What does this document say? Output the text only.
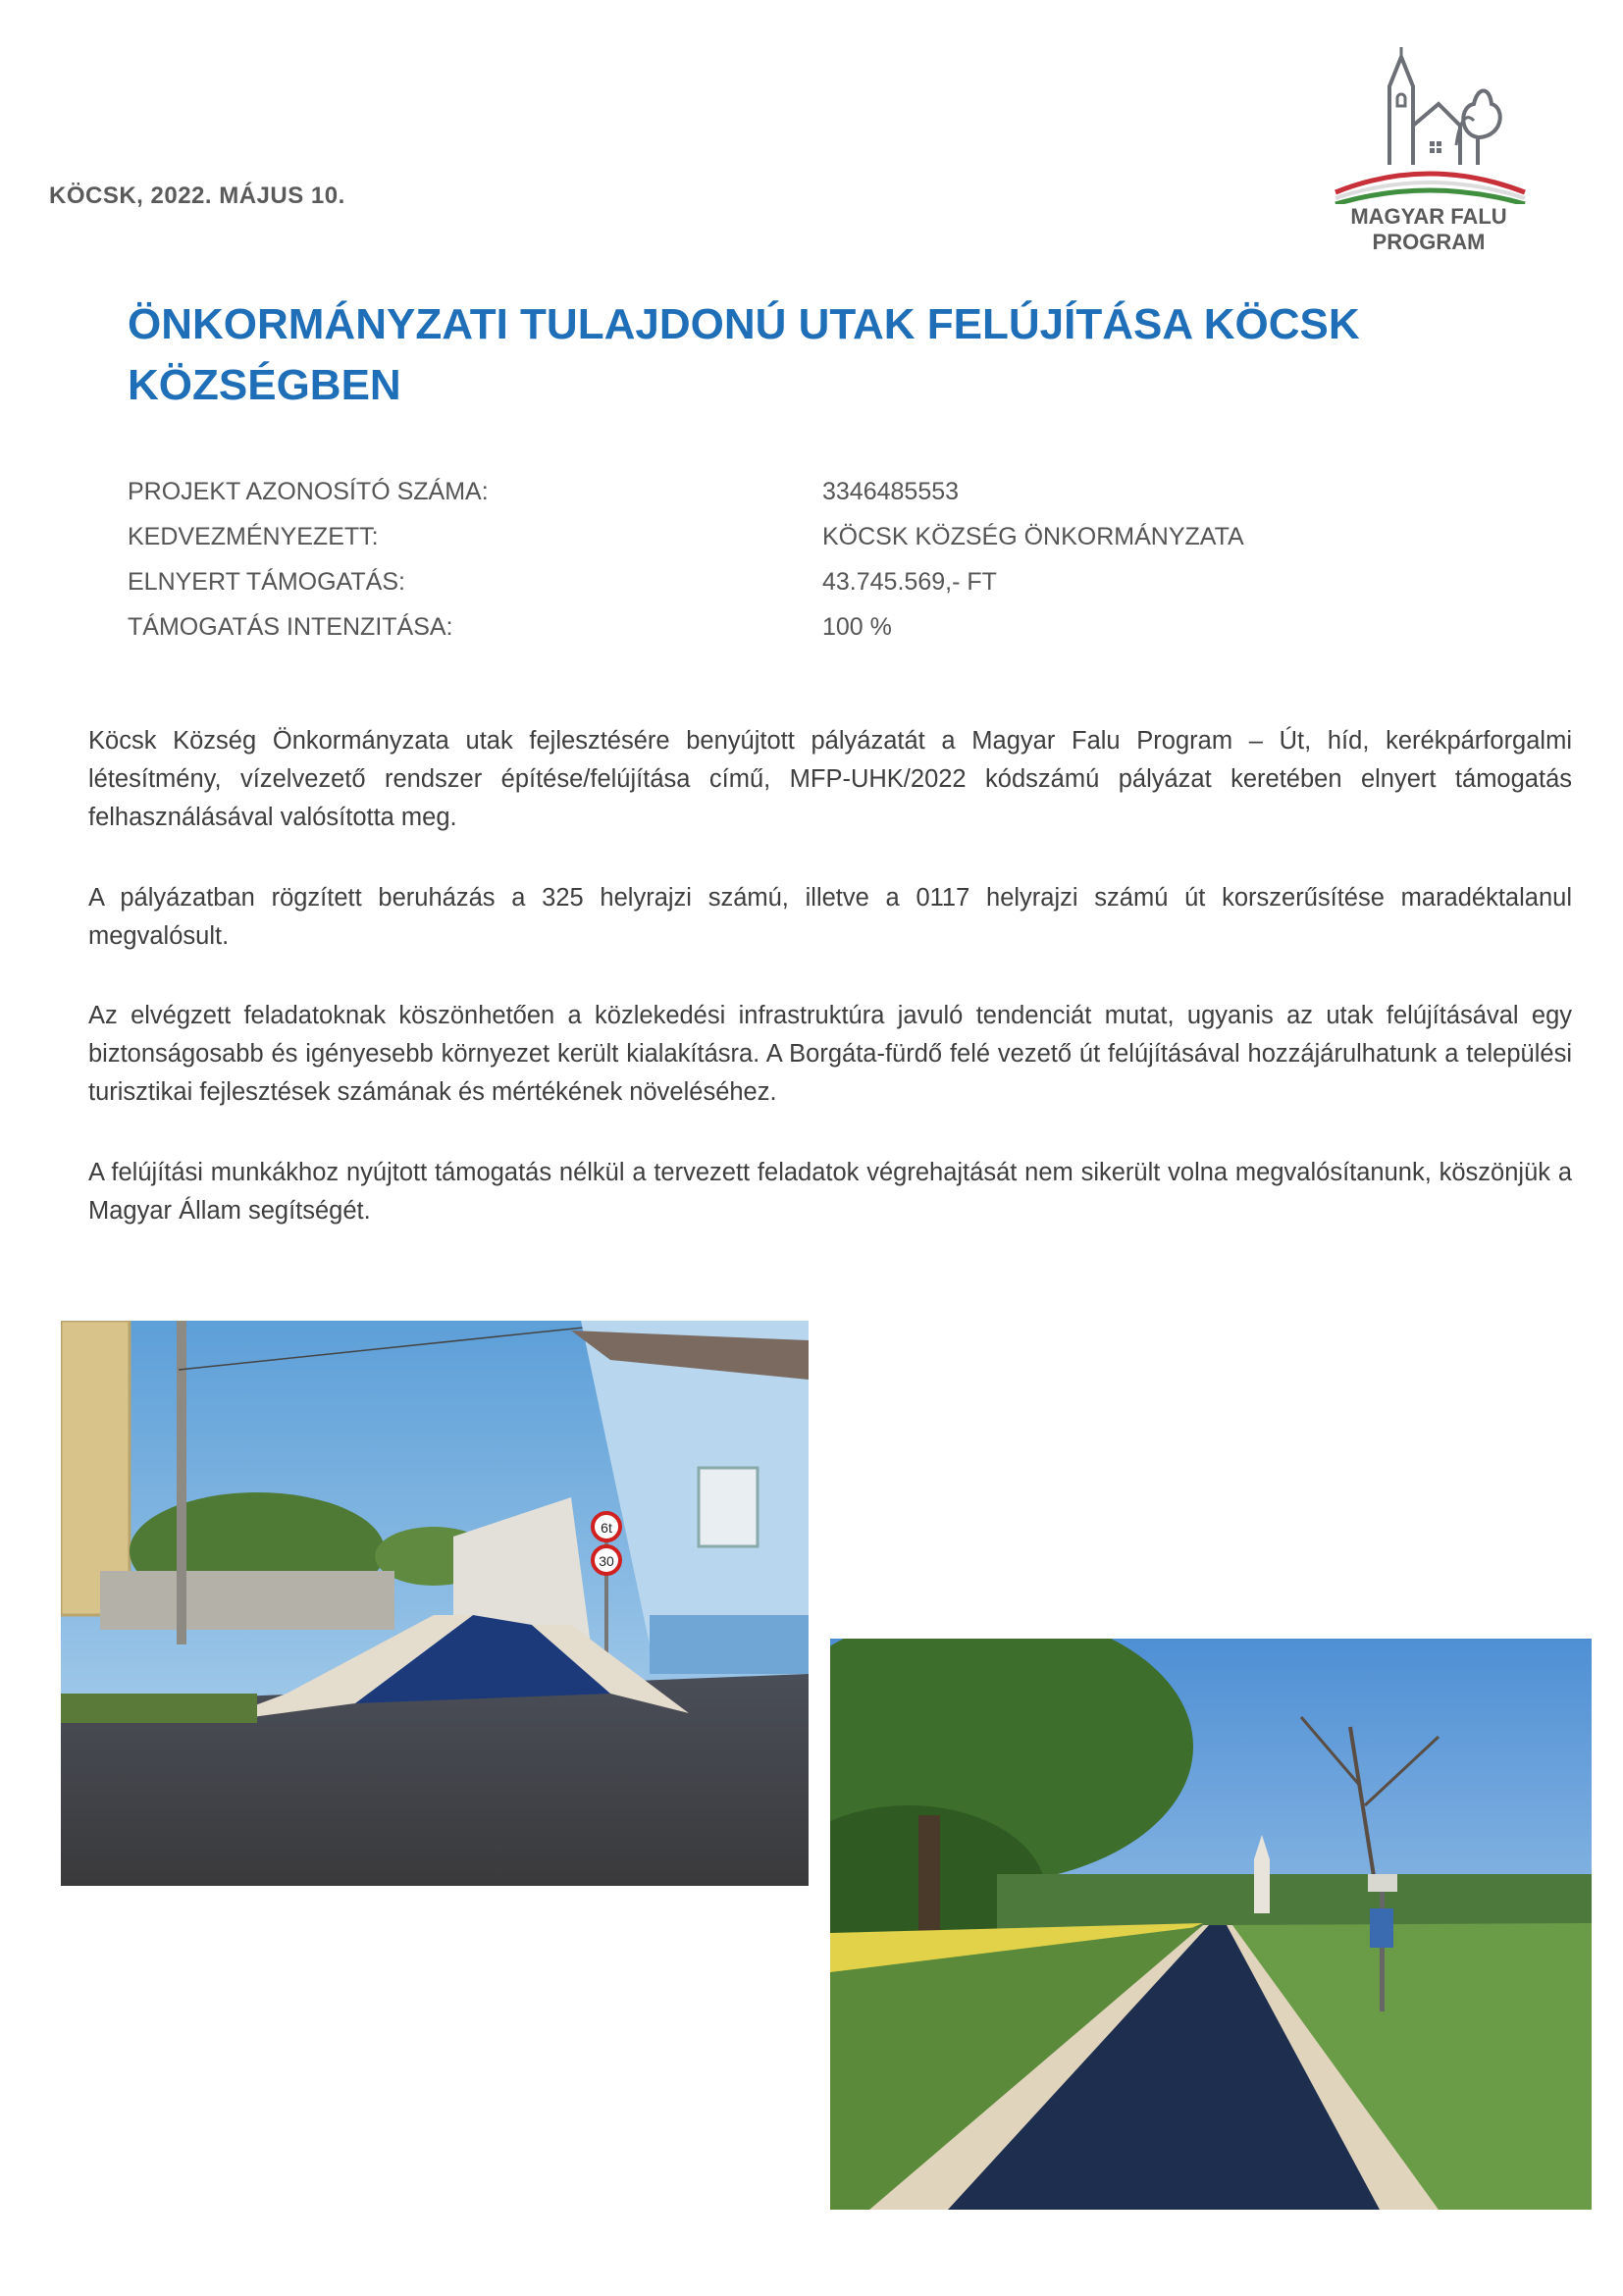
KÖCSK, 2022. MÁJUS 10.
MAGYAR FALU
PROGRAM
ÖNKORMÁNYZATI TULAJDONÚ UTAK FELÚJÍTÁSA KÖCSK
KÖZSÉGBEN
PROJEKT AZONOSÍTÓ SZÁMA:	3346485553
KEDVEZMÉNYEZETT:	KÖCSK KÖZSÉG ÖNKORMÁNYZATA
ELNYERT TÁMOGATÁS:	43.745.569,- FT
TÁMOGATÁS INTENZITÁSA:	100 %

Köcsk Község Önkormányzata utak fejlesztésére benyújtott pályázatát a Magyar Falu Program – Út, híd, kerékpárforgalmi létesítmény, vízelvezető rendszer építése/felújítása című, MFP-UHK/2022 kódszámú pályázat keretében elnyert támogatás felhasználásával valósította meg.

A pályázatban rögzített beruházás a 325 helyrajzi számú, illetve a 0117 helyrajzi számú út korszerűsítése maradéktalanul megvalósult.

Az elvégzett feladatoknak köszönhetően a közlekedési infrastruktúra javuló tendenciát mutat, ugyanis az utak felújításával egy biztonságosabb és igényesebb környezet került kialakításra. A Borgáta-fürdő felé vezető út felújításával hozzájárulhatunk a települési turisztikai fejlesztések számának és mértékének növeléséhez.

A felújítási munkákhoz nyújtott támogatás nélkül a tervezett feladatok végrehajtását nem sikerült volna megvalósítanunk, köszönjük a Magyar Állam segítségét.

6t
30
